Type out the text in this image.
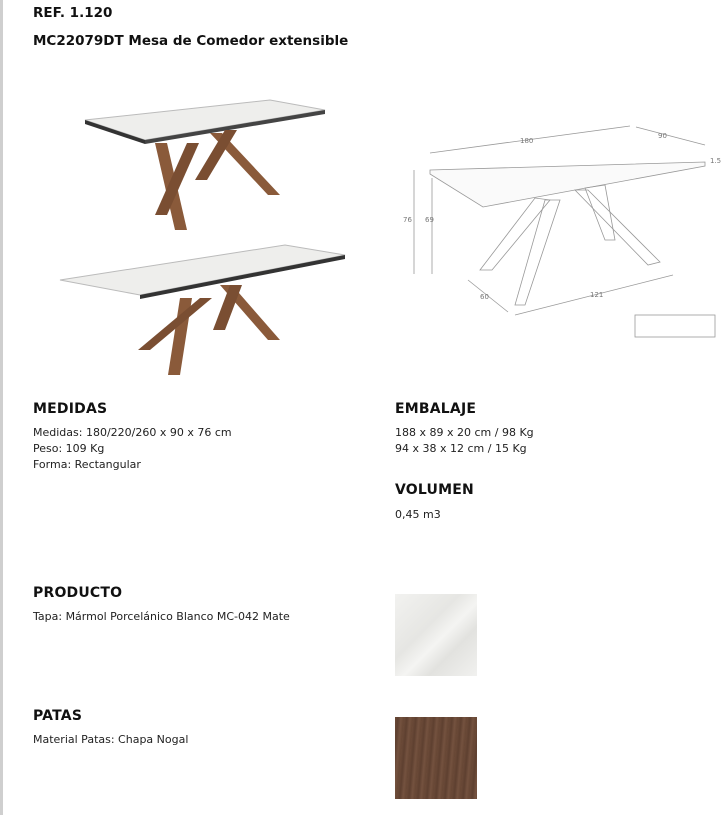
REF. 1.120
MC22079DT Mesa de Comedor extensible
180
90
1.5
76 69
60	121
MEDIDAS
Medidas: 180/220/260 x 90 x 76 cm
Peso: 109 Kg
Forma: Rectangular
EMBALAJE
188 x 89 x 20 cm / 98 Kg
94 x 38 x 12 cm / 15 Kg
VOLUMEN
0,45 m3
PRODUCTO
Tapa: Mármol Porcelánico Blanco MC-042 Mate
PATAS
Material Patas: Chapa Nogal
